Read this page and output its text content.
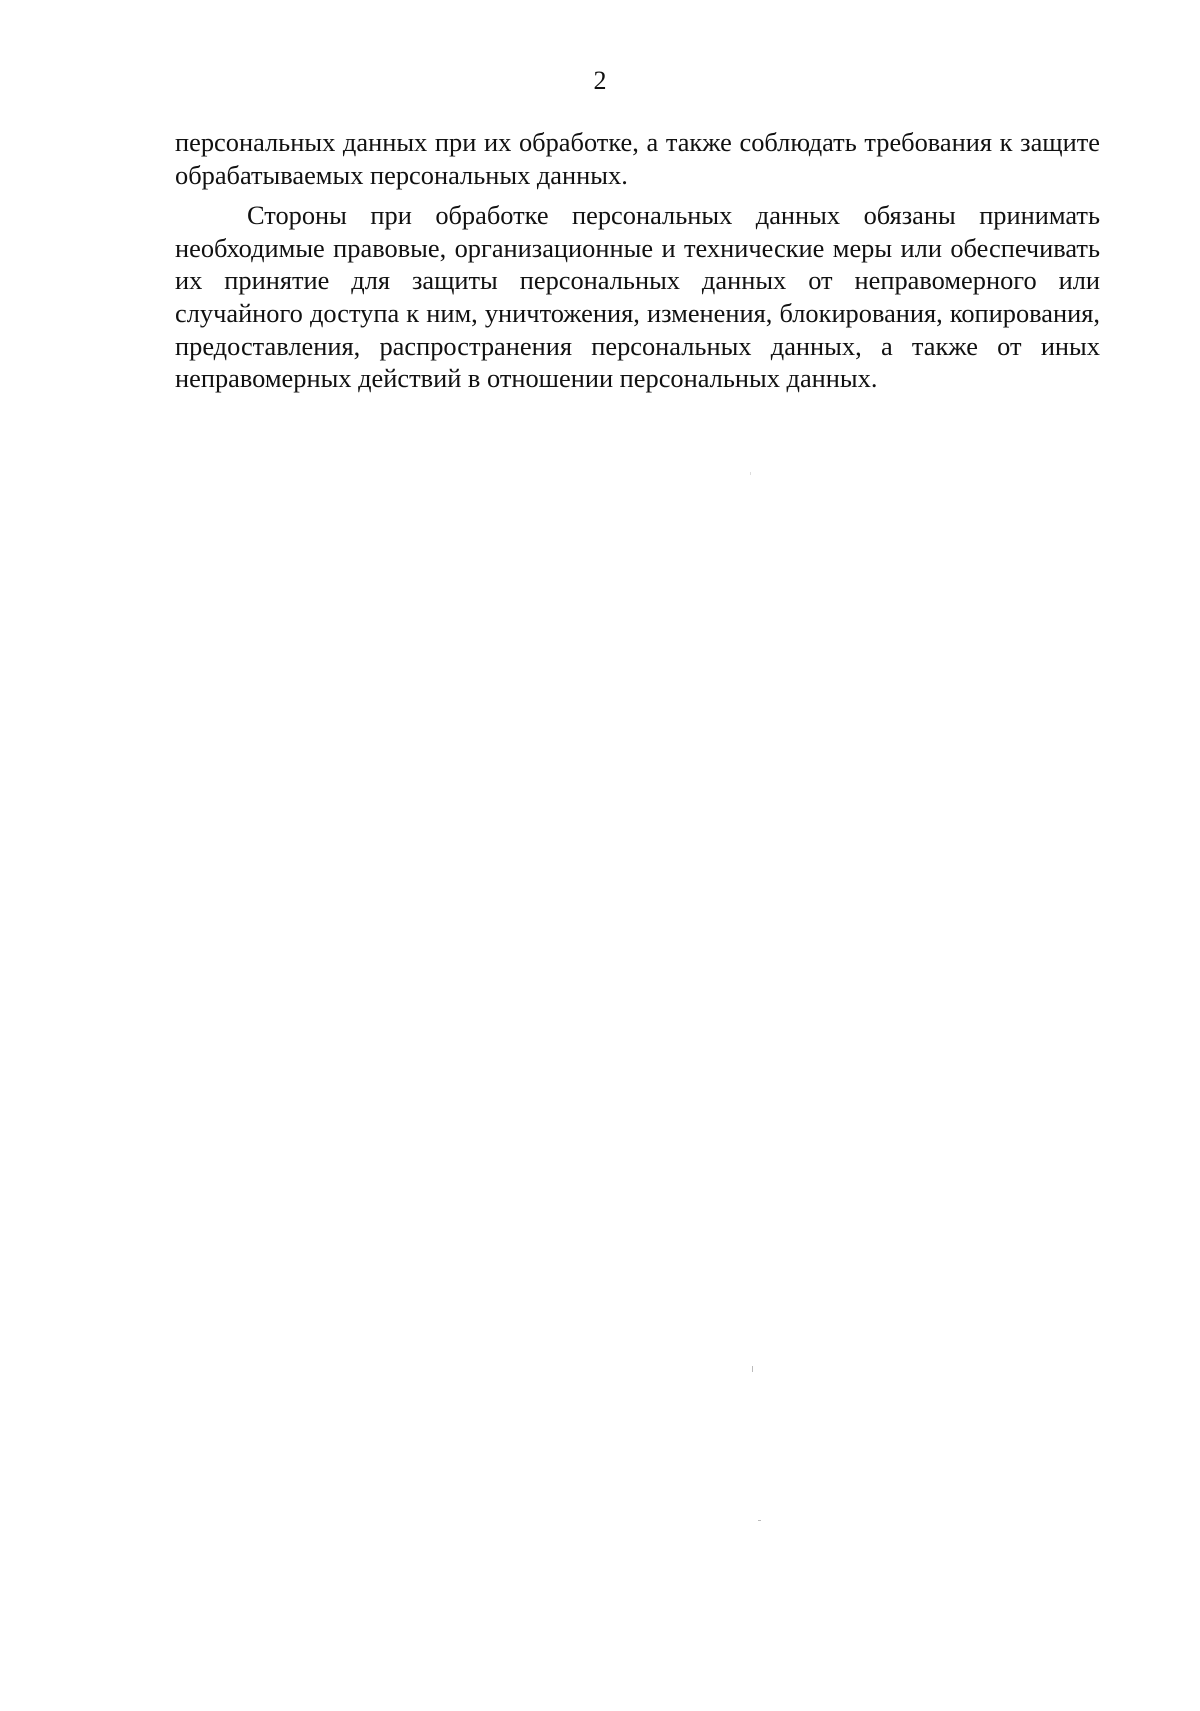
2

персональных данных при их обработке, а также соблюдать требования к защите обрабатываемых персональных данных.

Стороны при обработке персональных данных обязаны принимать необходимые правовые, организационные и технические меры или обеспечивать их принятие для защиты персональных данных от неправомерного или случайного доступа к ним, уничтожения, изменения, блокирования, копирования, предоставления, распространения персональных данных, а также от иных неправомерных действий в отношении персональных данных.
